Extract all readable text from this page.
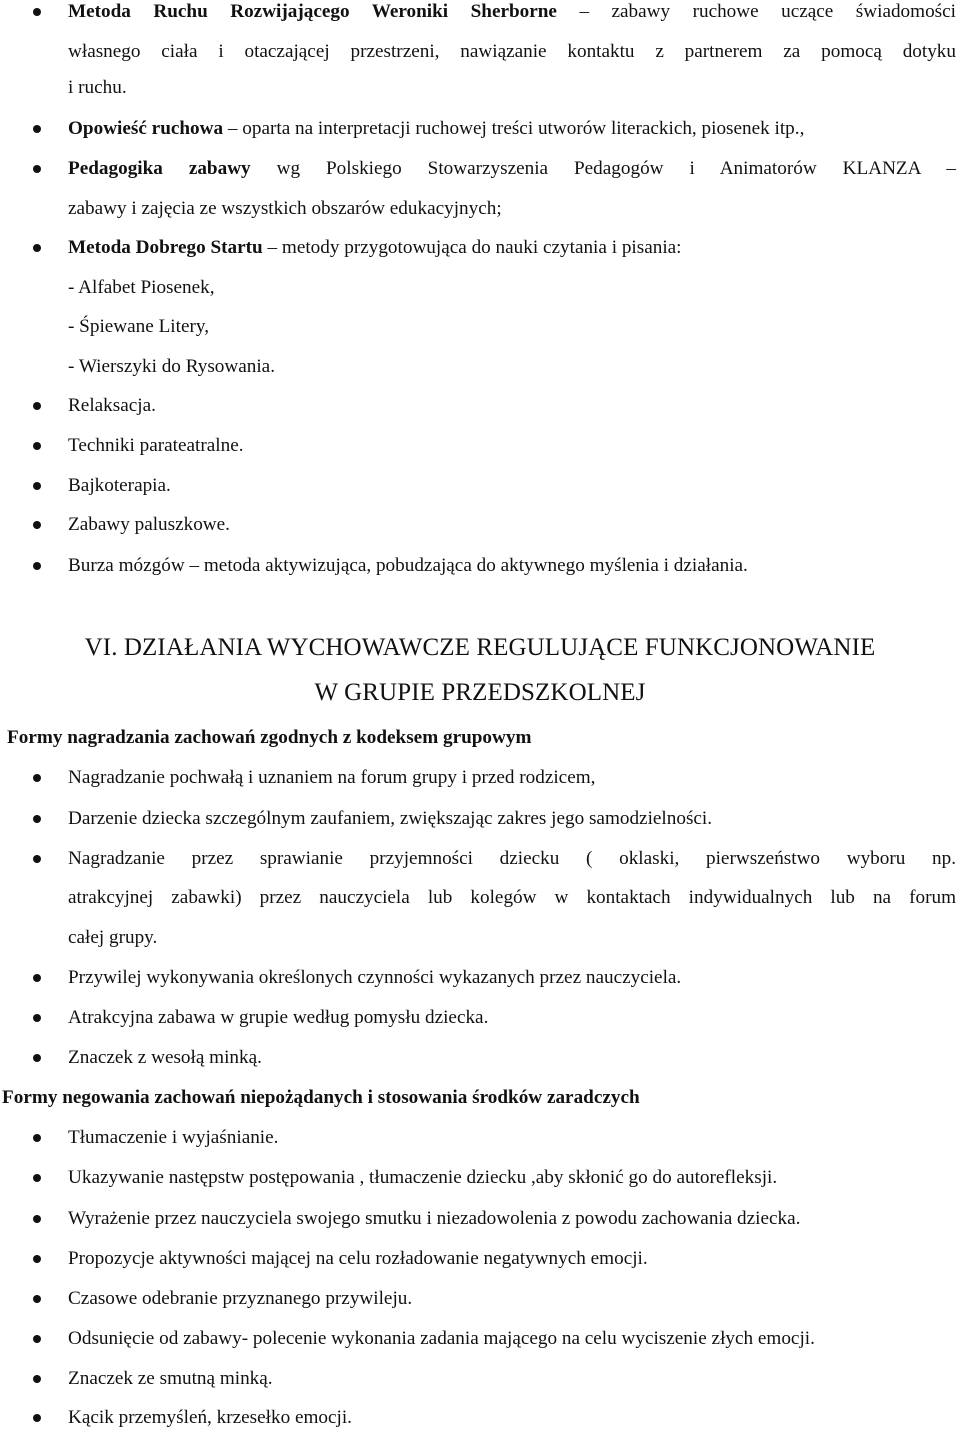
Metoda Ruchu Rozwijającego Weroniki Sherborne – zabawy ruchowe uczące świadomości
własnego ciała i otaczającej przestrzeni, nawiązanie kontaktu z partnerem za pomocą dotyku
i ruchu.
Opowieść ruchowa – oparta na interpretacji ruchowej treści utworów literackich, piosenek itp.,
Pedagogika zabawy wg Polskiego Stowarzyszenia Pedagogów i Animatorów KLANZA –
zabawy i zajęcia ze wszystkich obszarów edukacyjnych;
Metoda Dobrego Startu – metody przygotowująca do nauki czytania i pisania:
- Alfabet Piosenek,
- Śpiewane Litery,
- Wierszyki do Rysowania.
Relaksacja.
Techniki parateatralne.
Bajkoterapia.
Zabawy paluszkowe.
Burza mózgów – metoda aktywizująca, pobudzająca do aktywnego myślenia i działania.
VI. DZIAŁANIA WYCHOWAWCZE REGULUJĄCE FUNKCJONOWANIE
W GRUPIE PRZEDSZKOLNEJ
Formy nagradzania zachowań zgodnych z kodeksem grupowym
Nagradzanie pochwałą i uznaniem na forum grupy i przed rodzicem,
Darzenie dziecka szczególnym zaufaniem, zwiększając zakres jego samodzielności.
Nagradzanie przez sprawianie przyjemności dziecku ( oklaski, pierwszeństwo wyboru np.
atrakcyjnej zabawki) przez nauczyciela lub kolegów w kontaktach indywidualnych lub na forum
całej grupy.
Przywilej wykonywania określonych czynności wykazanych przez nauczyciela.
Atrakcyjna zabawa w grupie według pomysłu dziecka.
Znaczek z wesołą minką.
Formy negowania zachowań niepożądanych i stosowania środków zaradczych
Tłumaczenie i wyjaśnianie.
Ukazywanie następstw postępowania , tłumaczenie dziecku ,aby skłonić go do autorefleksji.
Wyrażenie przez nauczyciela swojego smutku i niezadowolenia z powodu zachowania dziecka.
Propozycje aktywności mającej na celu rozładowanie negatywnych emocji.
Czasowe odebranie przyznanego przywileju.
Odsunięcie od zabawy- polecenie wykonania zadania mającego na celu wyciszenie złych emocji.
Znaczek ze smutną minką.
Kącik przemyśleń, krzesełko emocji.
